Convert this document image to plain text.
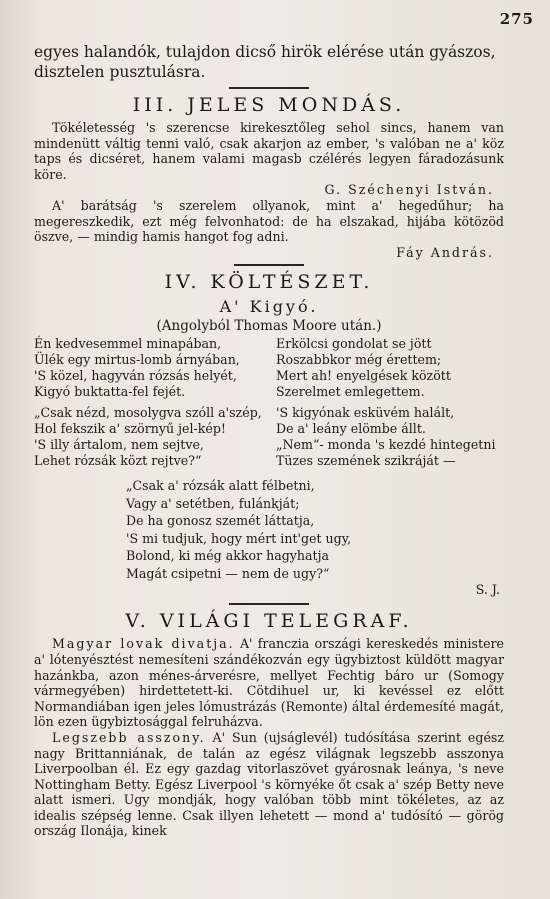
275
egyes halandók, tulajdon dicső hirök elérése után gyászos,
disztelen pusztulásra.
III. JELES MONDÁS.

Tökéletesség 's szerencse kirekesztőleg sehol sincs, hanem van mindenütt váltig tenni való, csak akarjon az ember, 's valóban ne a' köz taps és dicséret, hanem valami magasb czélérés legyen fáradozásunk köre.

G. Széchenyi István.

A' barátság 's szerelem ollyanok, mint a' hegedűhur; ha megereszkedik, ezt még felvonhatod: de ha elszakad, hijába kötözöd öszve, — mindig hamis hangot fog adni.

Fáy András.
IV. KÖLTÉSZET.
A' Kigyó.
(Angolyból Thomas Moore után.)
Én kedvesemmel minapában,
Ülék egy mirtus-lomb árnyában,
'S közel, hagyván rózsás helyét,
Kigyó buktatta-fel fejét.
„Csak nézd, mosolygva szóll a'szép,
Hol fekszik a' szörnyű jel-kép!
'S illy ártalom, nem sejtve,
Lehet rózsák közt rejtve?“
Erkölcsi gondolat se jött
Roszabbkor még érettem;
Mert ah! enyelgések között
Szerelmet emlegettem.
'S kigyónak esküvém halált,
De a' leány elömbe állt.
„Nem“- monda 's kezdé hintegetni
Tüzes szemének szikráját —
„Csak a' rózsák alatt félbetni,
Vagy a' setétben, fulánkját;
De ha gonosz szemét láttatja,
'S mi tudjuk, hogy mért int'get ugy,
Bolond, ki még akkor hagyhatja
Magát csipetni — nem de ugy?“
S. J.
V. VILÁGI TELEGRAF.

Magyar lovak divatja. A' franczia országi kereskedés ministere a' lótenyésztést nemesíteni szándékozván egy ügybiztost küldött magyar hazánkba, azon ménes-árverésre, mellyet Fechtig báro ur (Somogy vármegyében) hirdettetett-ki. Cötdihuel ur, ki kevéssel ez előtt Normandiában igen jeles lómustrázás (Remonte) által érdemesíté magát, lön ezen ügybiztosággal felruházva.

Legszebb asszony. A' Sun (ujságlevél) tudósítása szerint egész nagy Brittanniának, de talán az egész világnak legszebb asszonya Liverpoolban él. Ez egy gazdag vitorlaszövet gyárosnak leánya, 's neve Nottingham Betty. Egész Liverpool 's környéke őt csak a' szép Betty neve alatt ismeri. Ugy mondják, hogy valóban több mint tökéletes, az az idealis szépség lenne. Csak illyen lehetett — mond a' tudósító — görög ország Ilonája, kinek
